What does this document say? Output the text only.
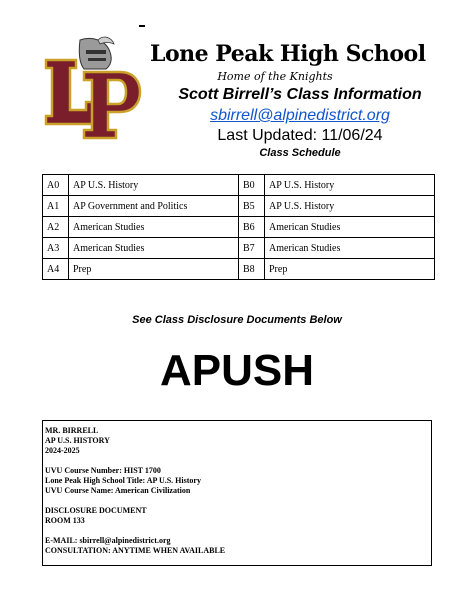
Lone Peak High School
Home of the Knights
Scott Birrell’s Class Information
sbirrell@alpinedistrict.org
Last Updated: 11/06/24
Class Schedule
A0	AP U.S. History	B0	AP U.S. History
A1	AP Government and Politics	B5	AP U.S. History
A2	American Studies	B6	American Studies
A3	American Studies	B7	American Studies
A4	Prep	B8	Prep
See Class Disclosure Documents Below
APUSH
MR. BIRRELL
AP U.S. HISTORY
2024-2025
UVU Course Number: HIST 1700
Lone Peak High School Title: AP U.S. History
UVU Course Name: American Civilization
DISCLOSURE DOCUMENT
ROOM 133
E-MAIL: sbirrell@alpinedistrict.org
CONSULTATION: ANYTIME WHEN AVAILABLE
